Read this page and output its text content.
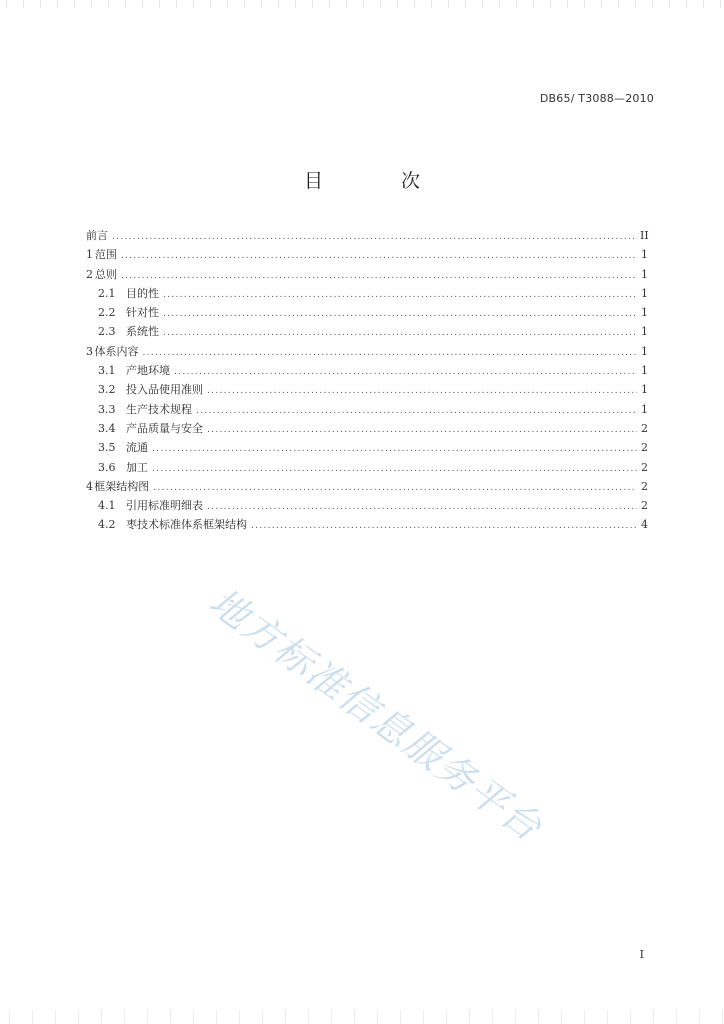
DB65/ T3088—2010
目 次
前言 .....	II
1 范围 .....	1
2 总则 .....	1
2.1 目的性 .....	1
2.2 针对性 .....	1
2.3 系统性 .....	1
3 体系内容 .....	1
3.1 产地环境 .....	1
3.2 投入品使用准则 .....	1
3.3 生产技术规程 .....	1
3.4 产品质量与安全 .....	2
3.5 流通 .....	2
3.6 加工 .....	2
4 框架结构图 .....	2
4.1 引用标准明细表 .....	2
4.2 枣技术标准体系框架结构 .....	4
地方标准信息服务平台
I
